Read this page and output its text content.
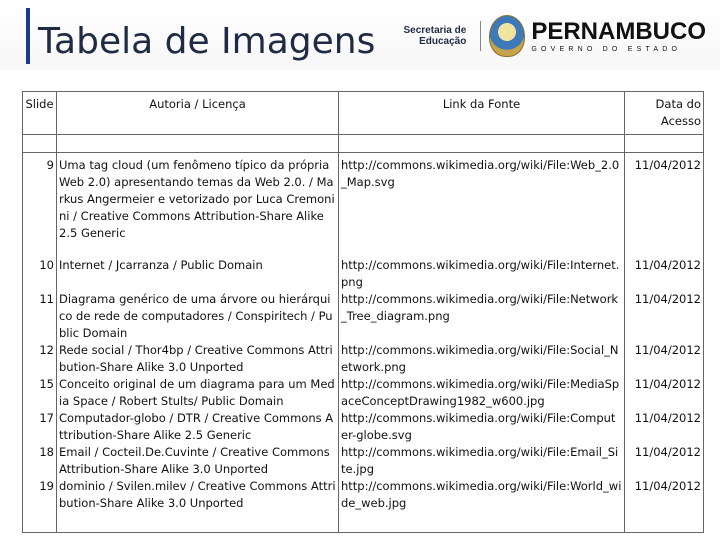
Tabela de Imagens	Secretaria de
Educação	PERNAMBUCO
GOVERNO DO ESTADO
Slide	Autoria / Licença	Link da Fonte	Data do Acesso

9	Uma tag cloud (um fenômeno típico da própria Web 2.0) apresentando temas da Web 2.0. / Markus Angermeier e vetorizado por Luca Cremonini / Creative Commons Attribution-Share Alike 2.5 Generic	http://commons.wikimedia.org/wiki/File:Web_2.0_Map.svg	11/04/2012
10	Internet / Jcarranza / Public Domain	http://commons.wikimedia.org/wiki/File:Internet.png	11/04/2012
11	Diagrama genérico de uma árvore ou hierárquico de rede de computadores / Conspiritech / Public Domain	http://commons.wikimedia.org/wiki/File:Network_Tree_diagram.png	11/04/2012
12	Rede social / Thor4bp / Creative Commons Attribution-Share Alike 3.0 Unported	http://commons.wikimedia.org/wiki/File:Social_Network.png	11/04/2012
15	Conceito original de um diagrama para um Media Space / Robert Stults/ Public Domain	http://commons.wikimedia.org/wiki/File:MediaSpaceConceptDrawing1982_w600.jpg	11/04/2012
17	Computador-globo / DTR / Creative Commons Attribution-Share Alike 2.5 Generic	http://commons.wikimedia.org/wiki/File:Computer-globe.svg	11/04/2012
18	Email / Cocteil.De.Cuvinte / Creative Commons Attribution-Share Alike 3.0 Unported	http://commons.wikimedia.org/wiki/File:Email_Site.jpg	11/04/2012
19	dominio / Svilen.milev / Creative Commons Attribution-Share Alike 3.0 Unported	http://commons.wikimedia.org/wiki/File:World_wide_web.jpg	11/04/2012
